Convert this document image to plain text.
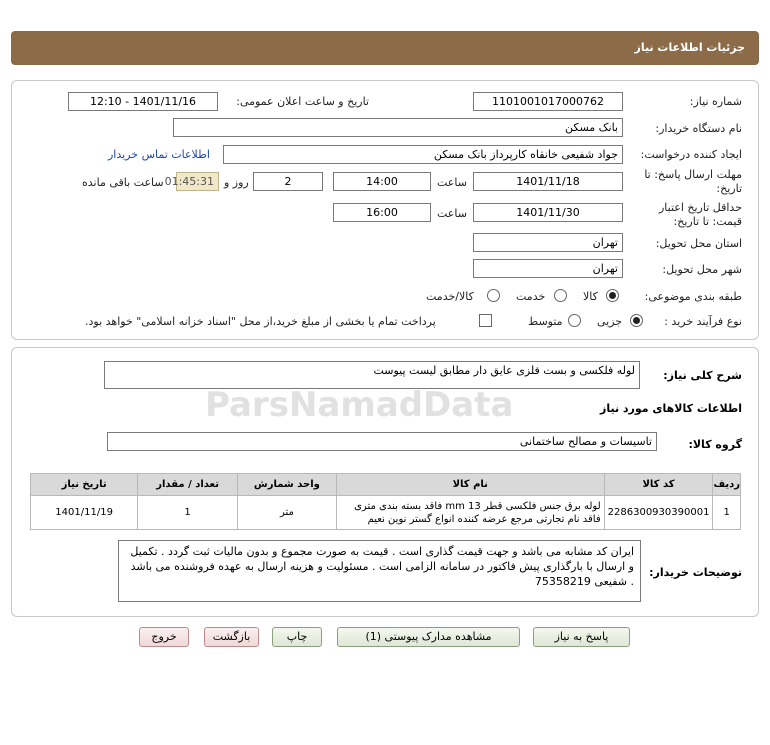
جزئیات اطلاعات نیاز
شماره نیاز:
1101001017000762
تاریخ و ساعت اعلان عمومی:
1401/11/16 - 12:10
نام دستگاه خریدار:
بانک مسکن
ایجاد کننده درخواست:
جواد شفیعی خانقاه کارپرداز بانک مسکن
اطلاعات تماس خریدار
مهلت ارسال پاسخ: تا
تاریخ:
1401/11/18
ساعت
14:00
2
روز و
01:45:31
ساعت باقی مانده
حداقل تاریخ اعتبار
قیمت: تا تاریخ:
1401/11/30
ساعت
16:00
استان محل تحویل:
تهران
شهر محل تحویل:
تهران
طبقه بندی موضوعی:
کالا
خدمت
کالا/خدمت
نوع فرآیند خرید :
جزیی
متوسط
پرداخت تمام یا بخشی از مبلغ خرید،از محل "اسناد خزانه اسلامی" خواهد بود.
شرح کلی نیاز:
لوله فلکسی و بست فلزی عایق دار مطابق لیست پیوست
اطلاعات کالاهای مورد نیاز
گروه کالا:
تاسیسات و مصالح ساختمانی
ردیف	کد کالا	نام کالا	واحد شمارش	تعداد / مقدار	تاریخ نیاز
1	2286300930390001	لوله برق جنس فلکسی قطر mm 13 فاقد بسته بندی متری
فاقد نام تجارتی مرجع عرضه کننده انواع گستر نوین نعیم	متر	1	1401/11/19
توضیحات خریدار:
ایران کد مشابه می باشد و جهت قیمت گذاری است . قیمت به صورت مجموع و بدون مالیات ثبت گردد . تکمیل و ارسال با بارگذاری پیش فاکتور در سامانه الزامی است . مسئولیت و هزینه ارسال به عهده فروشنده می باشد . شفیعی 75358219
ParsNamadData
پاسخ به نیاز
مشاهده مدارک پیوستی (1)
چاپ
بازگشت
خروج
